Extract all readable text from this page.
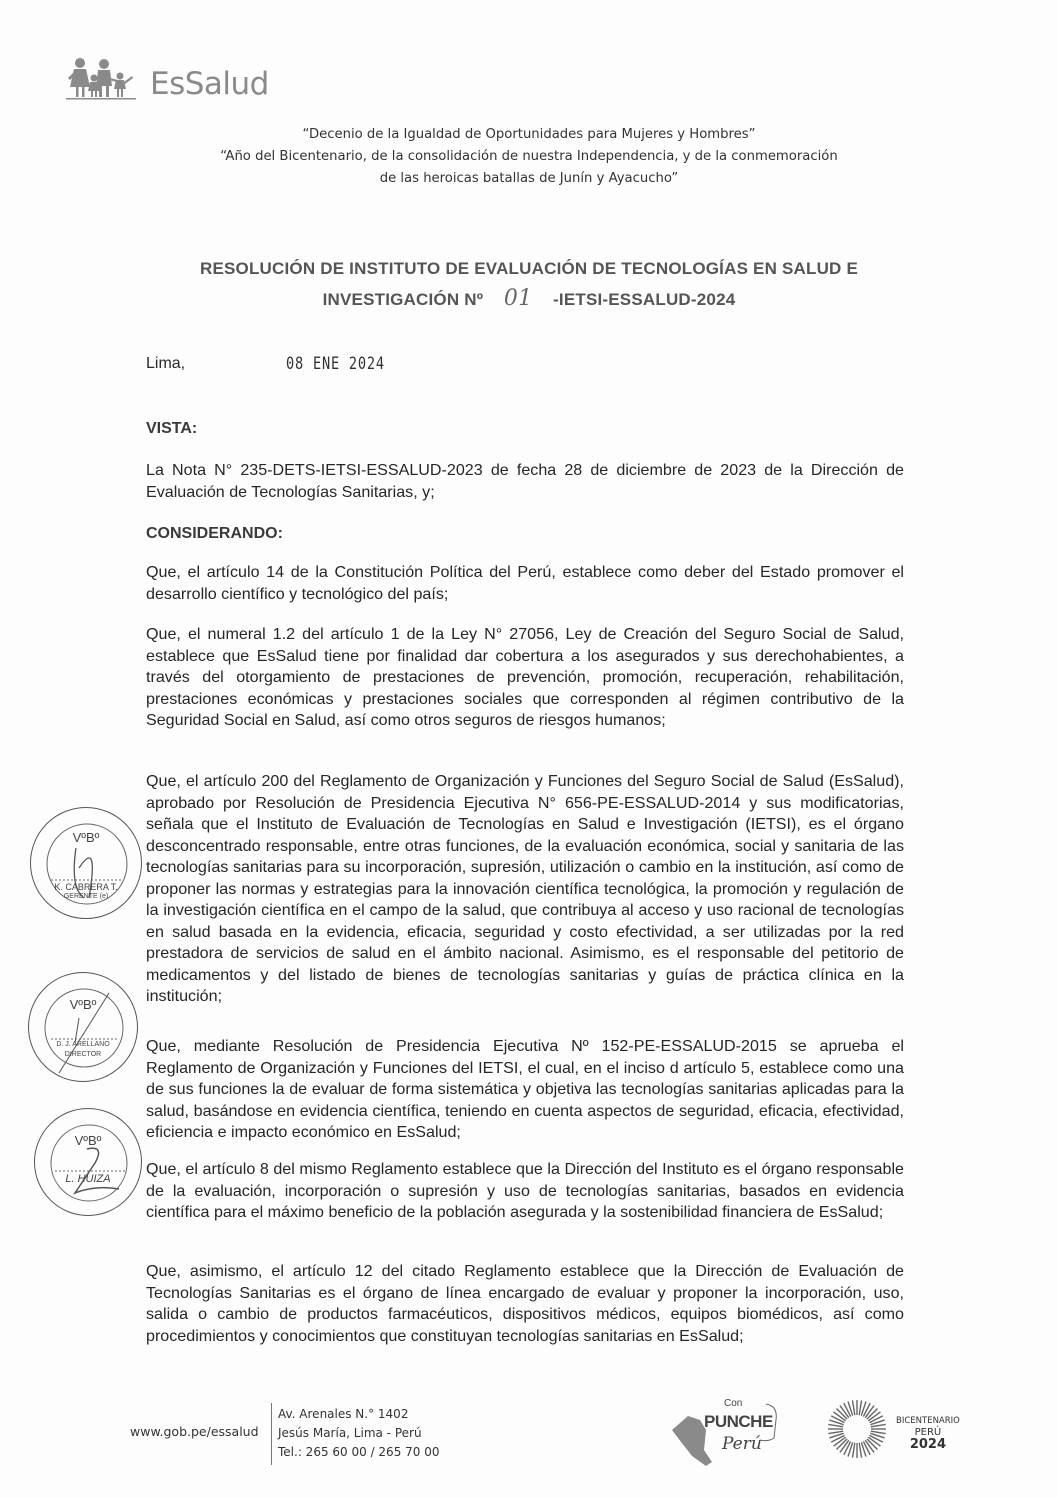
EsSalud
“Decenio de la Igualdad de Oportunidades para Mujeres y Hombres”
“Año del Bicentenario, de la consolidación de nuestra Independencia, y de la conmemoración
de las heroicas batallas de Junín y Ayacucho”
RESOLUCIÓN DE INSTITUTO DE EVALUACIÓN DE TECNOLOGÍAS EN SALUD E
INVESTIGACIÓN Nº 01 -IETSI-ESSALUD-2024
Lima,	08 ENE 2024
VISTA:

La Nota N° 235-DETS-IETSI-ESSALUD-2023 de fecha 28 de diciembre de 2023 de la Dirección de Evaluación de Tecnologías Sanitarias, y;

CONSIDERANDO:

Que, el artículo 14 de la Constitución Política del Perú, establece como deber del Estado promover el desarrollo científico y tecnológico del país;

Que, el numeral 1.2 del artículo 1 de la Ley N° 27056, Ley de Creación del Seguro Social de Salud, establece que EsSalud tiene por finalidad dar cobertura a los asegurados y sus derechohabientes, a través del otorgamiento de prestaciones de prevención, promoción, recuperación, rehabilitación, prestaciones económicas y prestaciones sociales que corresponden al régimen contributivo de la Seguridad Social en Salud, así como otros seguros de riesgos humanos;

Que, el artículo 200 del Reglamento de Organización y Funciones del Seguro Social de Salud (EsSalud), aprobado por Resolución de Presidencia Ejecutiva N° 656-PE-ESSALUD-2014 y sus modificatorias, señala que el Instituto de Evaluación de Tecnologías en Salud e Investigación (IETSI), es el órgano desconcentrado responsable, entre otras funciones, de la evaluación económica, social y sanitaria de las tecnologías sanitarias para su incorporación, supresión, utilización o cambio en la institución, así como de proponer las normas y estrategias para la innovación científica tecnológica, la promoción y regulación de la investigación científica en el campo de la salud, que contribuya al acceso y uso racional de tecnologías en salud basada en la evidencia, eficacia, seguridad y costo efectividad, a ser utilizadas por la red prestadora de servicios de salud en el ámbito nacional. Asimismo, es el responsable del petitorio de medicamentos y del listado de bienes de tecnologías sanitarias y guías de práctica clínica en la institución;

Que, mediante Resolución de Presidencia Ejecutiva Nº 152-PE-ESSALUD-2015 se aprueba el Reglamento de Organización y Funciones del IETSI, el cual, en el inciso d artículo 5, establece como una de sus funciones la de evaluar de forma sistemática y objetiva las tecnologías sanitarias aplicadas para la salud, basándose en evidencia científica, teniendo en cuenta aspectos de seguridad, eficacia, efectividad, eficiencia e impacto económico en EsSalud;

Que, el artículo 8 del mismo Reglamento establece que la Dirección del Instituto es el órgano responsable de la evaluación, incorporación o supresión y uso de tecnologías sanitarias, basados en evidencia científica para el máximo beneficio de la población asegurada y la sostenibilidad financiera de EsSalud;

Que, asimismo, el artículo 12 del citado Reglamento establece que la Dirección de Evaluación de Tecnologías Sanitarias es el órgano de línea encargado de evaluar y proponer la incorporación, uso, salida o cambio de productos farmacéuticos, dispositivos médicos, equipos biomédicos, así como procedimientos y conocimientos que constituyan tecnologías sanitarias en EsSalud;

VºBº
K. CABRERA T.
GERENTE (e)
VºBº
D. J. ARELLANO
DIRECTOR
VºBº
L. HUIZA
www.gob.pe/essalud
Av. Arenales N.° 1402
Jesús María, Lima - Perú
Tel.: 265 60 00 / 265 70 00
Con
PUNCHE
Perú
BICENTENARIO
PERÚ
2024
